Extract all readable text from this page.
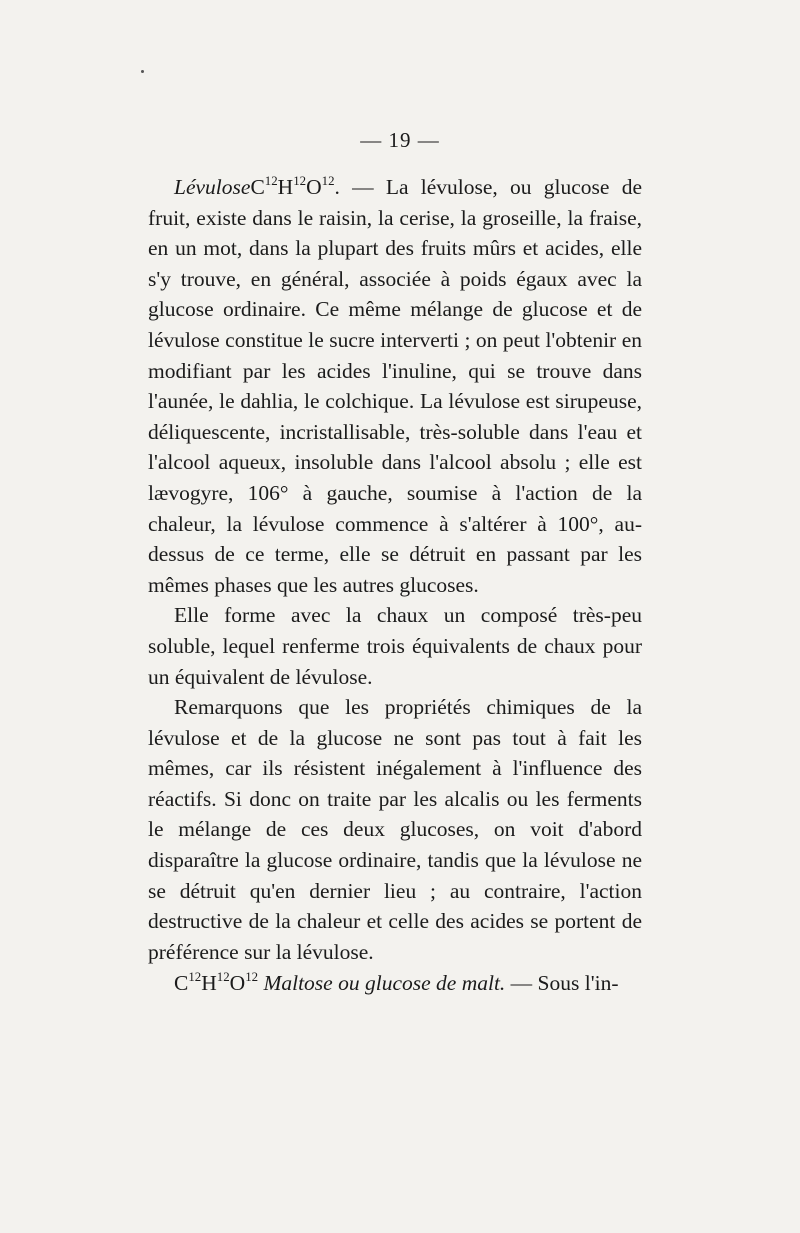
— 19 —

$LévuloseC^{12}H^{12}O^{12}$. — La lévulose, ou glucose de fruit, existe dans le raisin, la cerise, la groseille, la fraise, en un mot, dans la plupart des fruits mûrs et acides, elle s'y trouve, en général, associée à poids égaux avec la glucose ordinaire. Ce même mélange de glucose et de lévulose constitue le sucre interverti ; on peut l'obtenir en modifiant par les acides l'inuline, qui se trouve dans l'aunée, le dahlia, le colchique. La lévulose est sirupeuse, déliquescente, incristallisable, très-soluble dans l'eau et l'alcool aqueux, insoluble dans l'alcool absolu ; elle est lævogyre, 106° à gauche, soumise à l'action de la chaleur, la lévulose commence à s'altérer à 100°, au-dessus de ce terme, elle se détruit en passant par les mêmes phases que les autres glucoses.

Elle forme avec la chaux un composé très-peu soluble, lequel renferme trois équivalents de chaux pour un équivalent de lévulose.

Remarquons que les propriétés chimiques de la lévulose et de la glucose ne sont pas tout à fait les mêmes, car ils résistent inégalement à l'influence des réactifs. Si donc on traite par les alcalis ou les ferments le mélange de ces deux glucoses, on voit d'abord disparaître la glucose ordinaire, tandis que la lévulose ne se détruit qu'en dernier lieu ; au contraire, l'action destructive de la chaleur et celle des acides se portent de préférence sur la lévulose.

$C^{12}H^{12}O^{12}$ Maltose ou glucose de malt. — Sous l'in-
